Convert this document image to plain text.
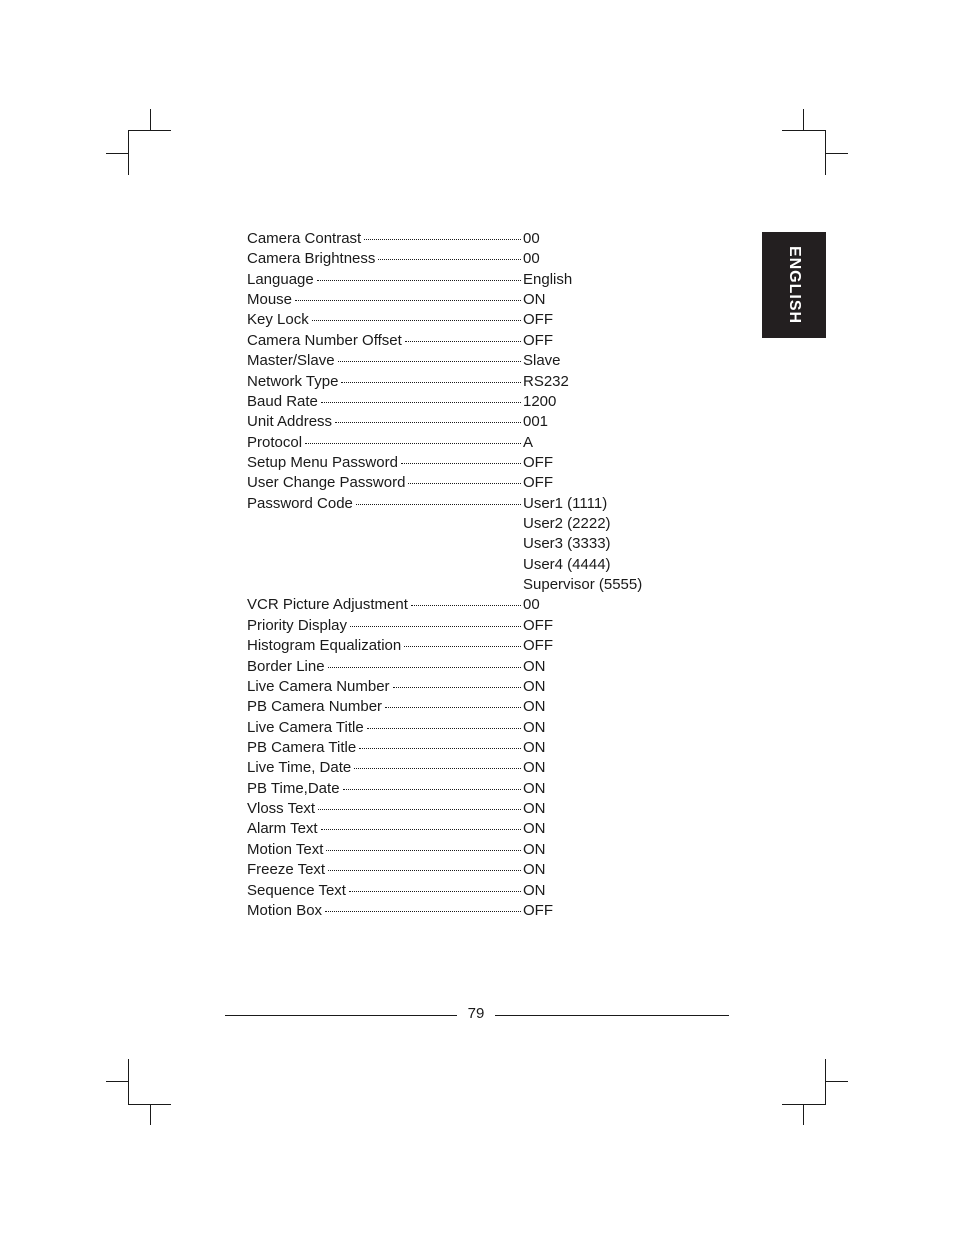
ENGLISH
Camera Contrast	00
Camera Brightness	00
Language	English
Mouse	ON
Key Lock	OFF
Camera Number Offset	OFF
Master/Slave	Slave
Network Type	RS232
Baud Rate	1200
Unit Address	001
Protocol	A
Setup Menu Password	OFF
User Change Password	OFF
Password Code	User1 (1111)
User2 (2222)
User3 (3333)
User4 (4444)
Supervisor (5555)
VCR Picture Adjustment	00
Priority Display	OFF
Histogram Equalization	OFF
Border Line	ON
Live Camera Number	ON
PB Camera Number	ON
Live Camera Title	ON
PB Camera Title	ON
Live Time, Date	ON
PB Time,Date	ON
Vloss Text	ON
Alarm Text	ON
Motion Text	ON
Freeze Text	ON
Sequence Text	ON
Motion Box	OFF
79
